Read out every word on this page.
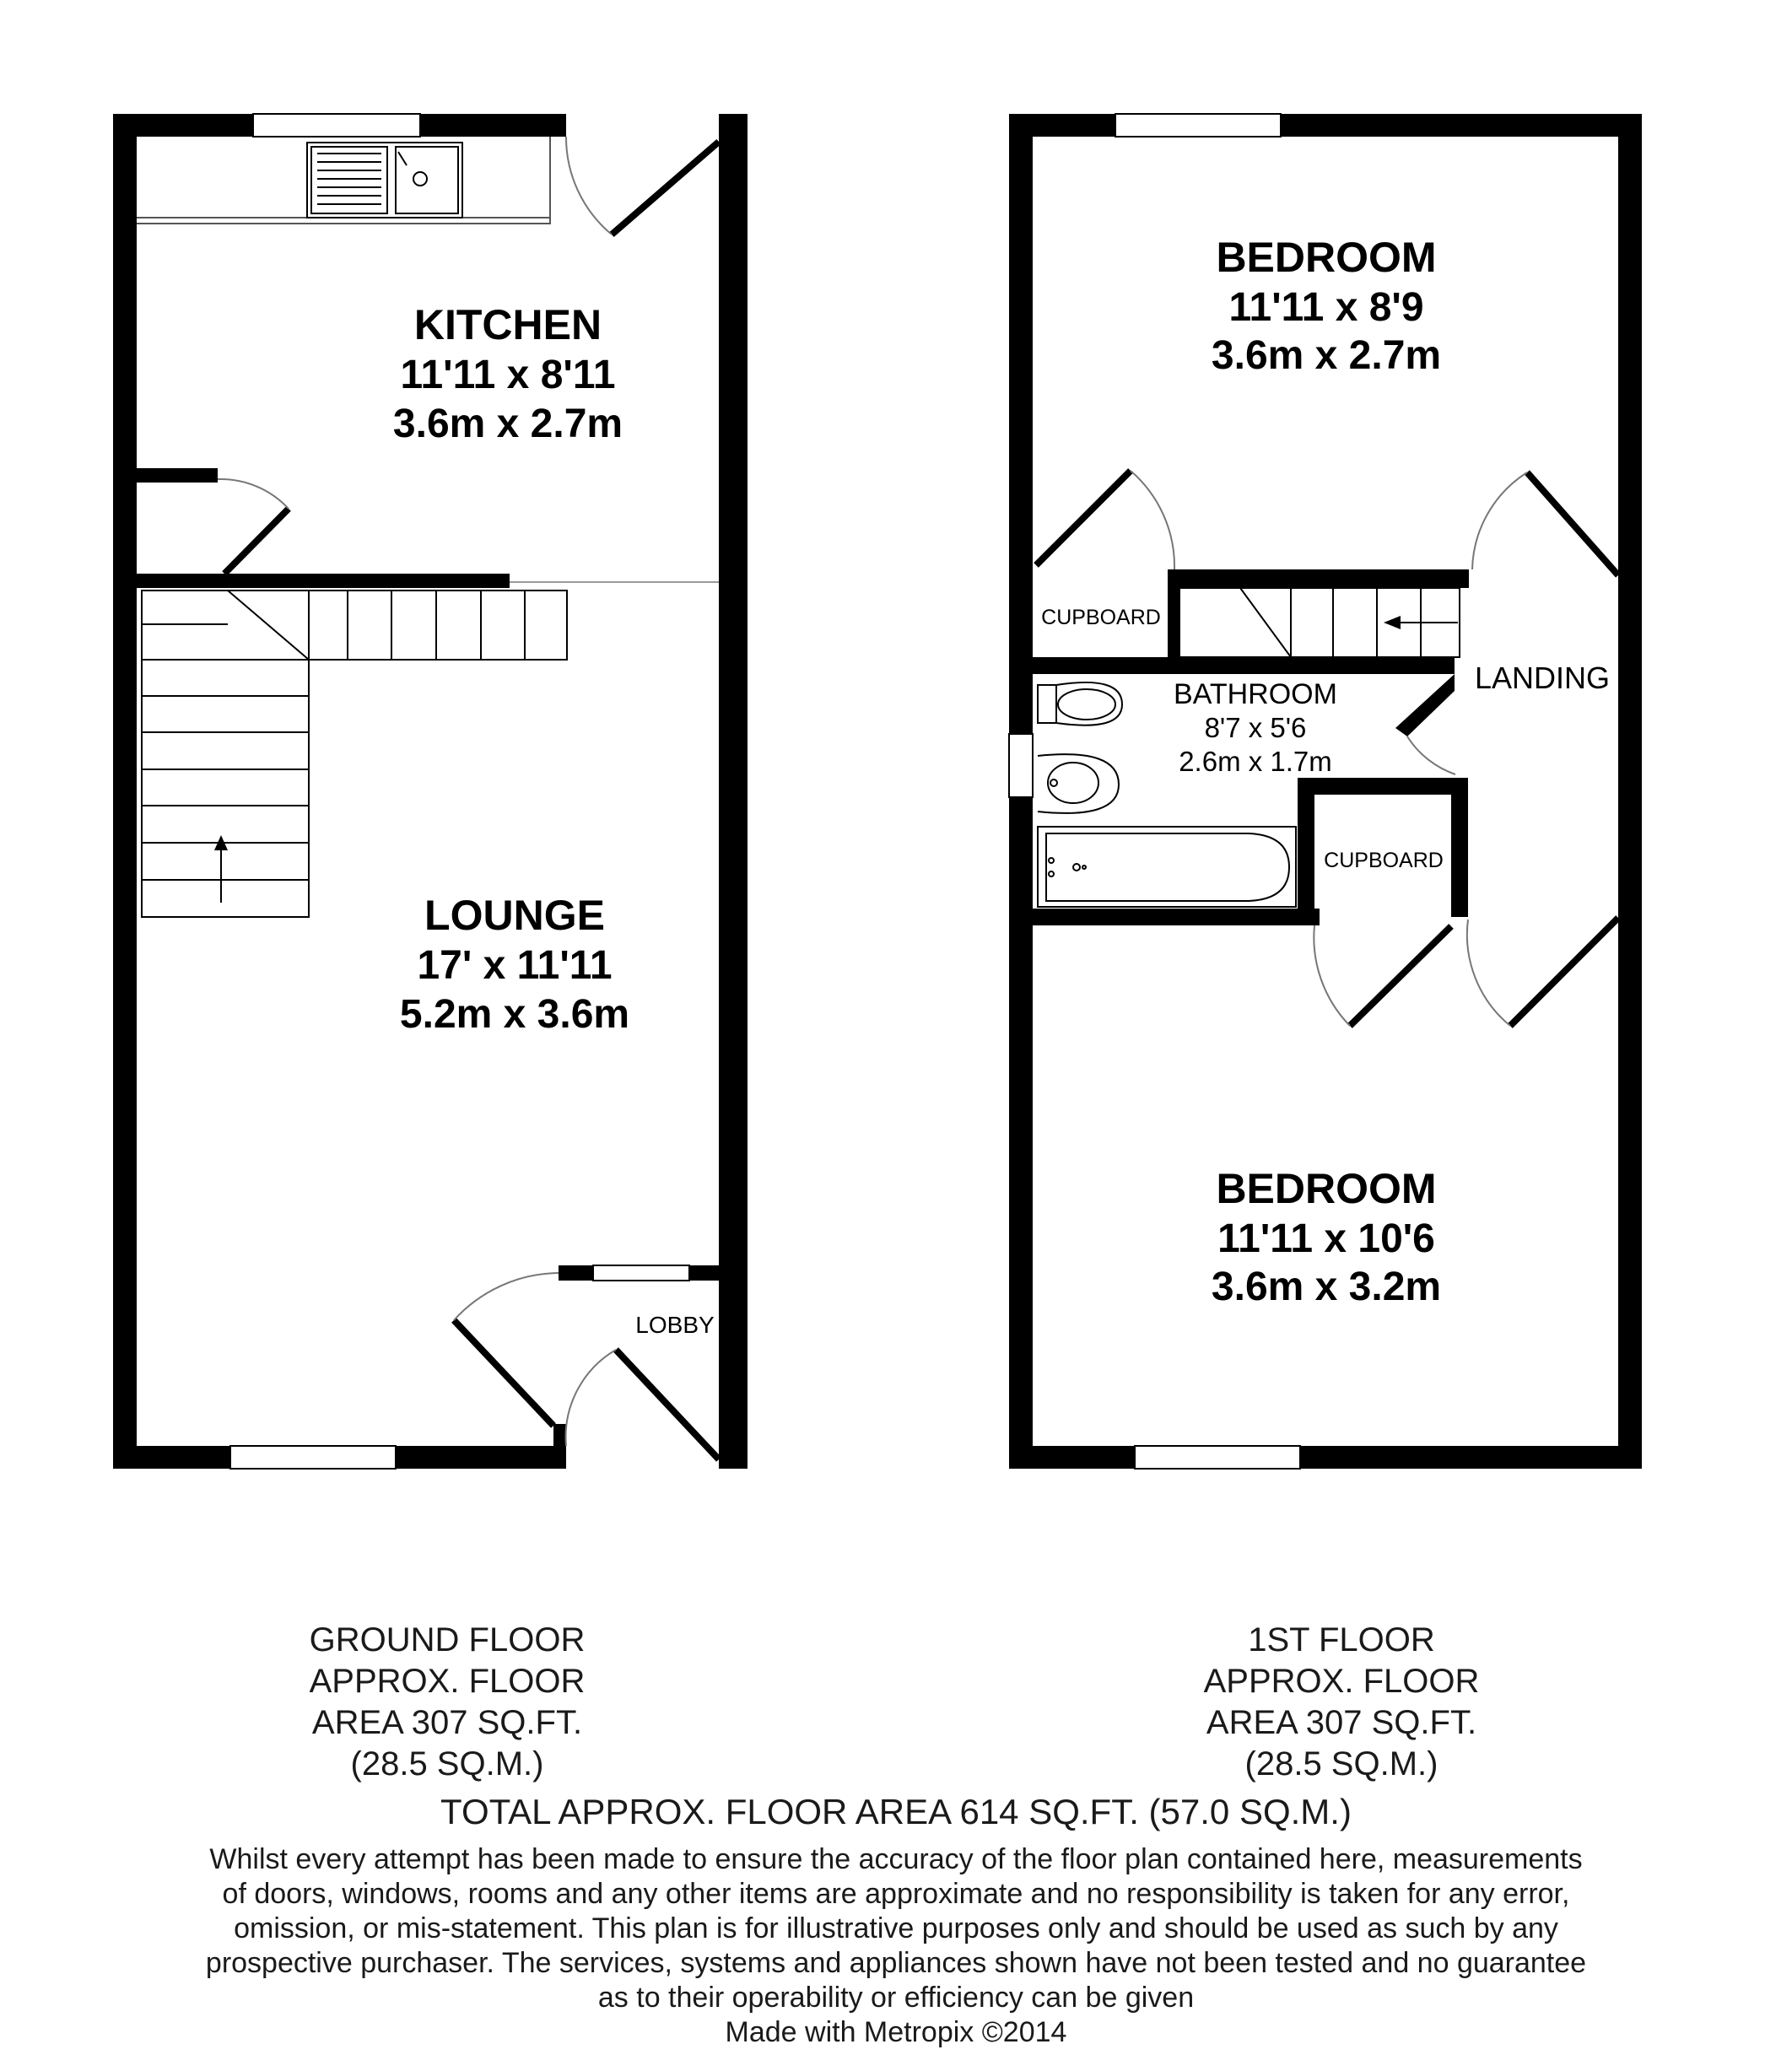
KITCHEN
11'11 x 8'11
3.6m x 2.7m
LOUNGE
17' x 11'11
5.2m x 3.6m
LOBBY
BEDROOM
11'11 x 8'9
3.6m x 2.7m
CUPBOARD
LANDING
BATHROOM
8'7 x 5'6
2.6m x 1.7m
CUPBOARD
BEDROOM
11'11 x 10'6
3.6m x 3.2m
GROUND FLOOR
APPROX. FLOOR
AREA 307 SQ.FT.
(28.5 SQ.M.)
1ST FLOOR
APPROX. FLOOR
AREA 307 SQ.FT.
(28.5 SQ.M.)
TOTAL APPROX. FLOOR AREA 614 SQ.FT. (57.0 SQ.M.)
Whilst every attempt has been made to ensure the accuracy of the floor plan contained here, measurements
of doors, windows, rooms and any other items are approximate and no responsibility is taken for any error,
omission, or mis-statement. This plan is for illustrative purposes only and should be used as such by any
prospective purchaser. The services, systems and appliances shown have not been tested and no guarantee
as to their operability or efficiency can be given
Made with Metropix ©2014
